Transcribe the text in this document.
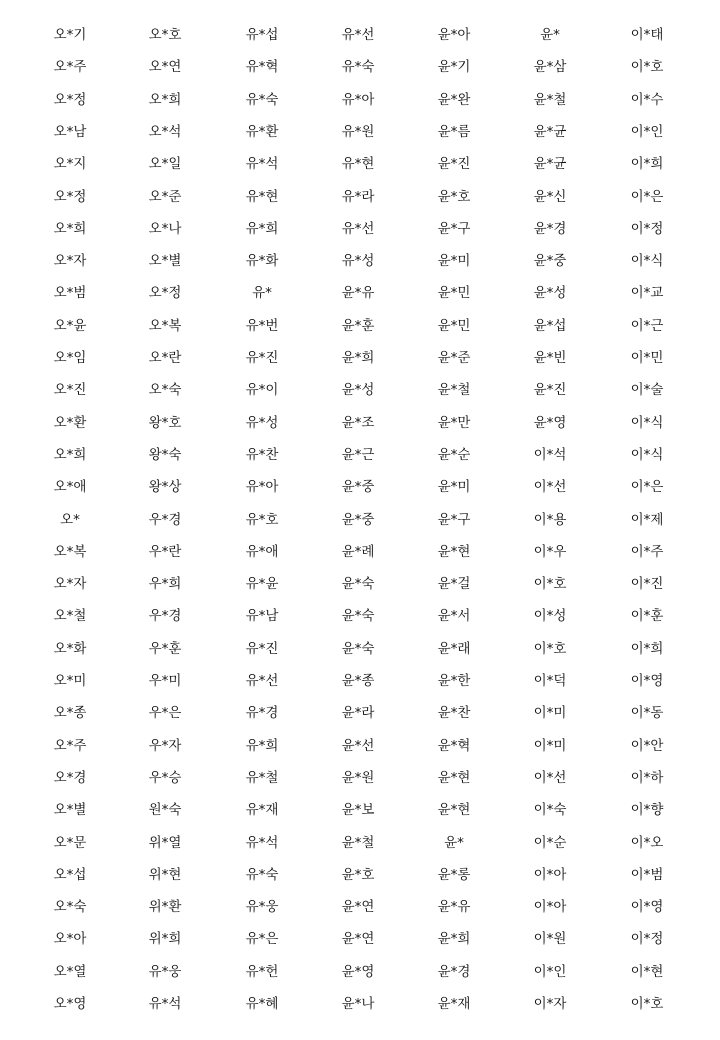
오*기	오*호	유*섭	유*선	윤*아	윤*	이*태
오*주	오*연	유*혁	유*숙	윤*기	윤*삼	이*호
오*정	오*희	유*숙	유*아	윤*완	윤*철	이*수
오*남	오*석	유*환	유*원	윤*름	윤*균	이*인
오*지	오*일	유*석	유*현	윤*진	윤*균	이*희
오*정	오*준	유*현	유*라	윤*호	윤*신	이*은
오*희	오*나	유*희	유*선	윤*구	윤*경	이*정
오*자	오*별	유*화	유*성	윤*미	윤*중	이*식
오*범	오*정	유*	윤*유	윤*민	윤*성	이*교
오*윤	오*복	유*번	윤*훈	윤*민	윤*섭	이*근
오*임	오*란	유*진	윤*희	윤*준	윤*빈	이*민
오*진	오*숙	유*이	윤*성	윤*철	윤*진	이*술
오*환	왕*호	유*성	윤*조	윤*만	윤*영	이*식
오*희	왕*숙	유*찬	윤*근	윤*순	이*석	이*식
오*애	왕*상	유*아	윤*중	윤*미	이*선	이*은
오*	우*경	유*호	윤*중	윤*구	이*용	이*제
오*복	우*란	유*애	윤*례	윤*현	이*우	이*주
오*자	우*희	유*윤	윤*숙	윤*걸	이*호	이*진
오*철	우*경	유*남	윤*숙	윤*서	이*성	이*훈
오*화	우*훈	유*진	윤*숙	윤*래	이*호	이*희
오*미	우*미	유*선	윤*종	윤*한	이*덕	이*영
오*종	우*은	유*경	윤*라	윤*찬	이*미	이*동
오*주	우*자	유*희	윤*선	윤*혁	이*미	이*안
오*경	우*승	유*철	윤*원	윤*현	이*선	이*하
오*별	원*숙	유*재	윤*보	윤*현	이*숙	이*향
오*문	위*열	유*석	윤*철	윤*	이*순	이*오
오*섭	위*현	유*숙	윤*호	윤*롱	이*아	이*범
오*숙	위*환	유*웅	윤*연	윤*유	이*아	이*영
오*아	위*희	유*은	윤*연	윤*희	이*원	이*정
오*열	유*웅	유*헌	윤*영	윤*경	이*인	이*현
오*영	유*석	유*혜	윤*나	윤*재	이*자	이*호
